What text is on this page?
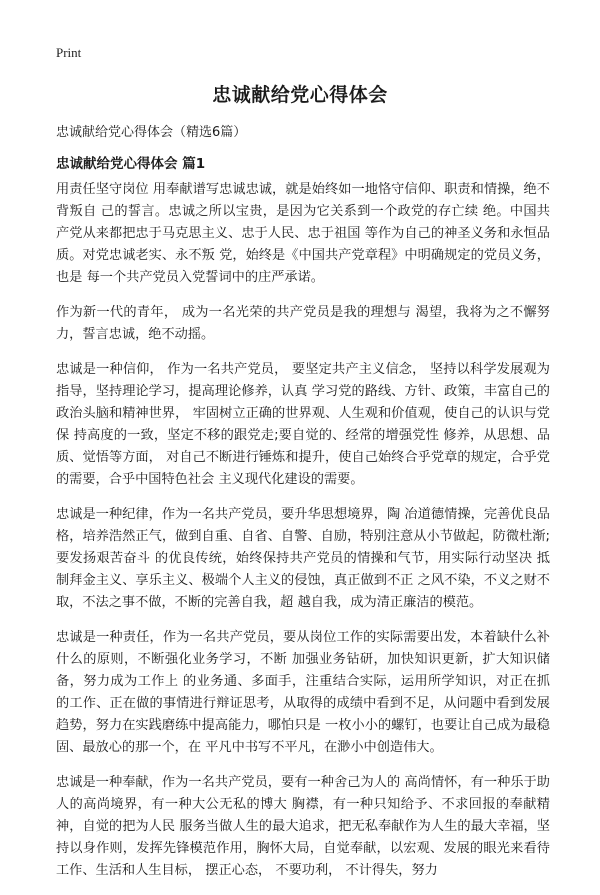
Print
忠诚献给党心得体会
忠诚献给党心得体会（精选6篇）
忠诚献给党心得体会 篇1

用责任坚守岗位 用奉献谱写忠诚忠诚，就是始终如一地恪守信仰、职责和情操，绝不背叛自 己的誓言。忠诚之所以宝贵，是因为它关系到一个政党的存亡续 绝。中国共产党从来都把忠于马克思主义、忠于人民、忠于祖国 等作为自己的神圣义务和永恒品质。对党忠诚老实、永不叛 党，始终是《中国共产党章程》中明确规定的党员义务，也是 每一个共产党员入党誓词中的庄严承诺。

作为新一代的青年， 成为一名光荣的共产党员是我的理想与 渴望，我将为之不懈努力，誓言忠诚，绝不动摇。

忠诚是一种信仰， 作为一名共产党员， 要坚定共产主义信念， 坚持以科学发展观为指导，坚持理论学习，提高理论修养，认真 学习党的路线、方针、政策，丰富自己的政治头脑和精神世界， 牢固树立正确的世界观、人生观和价值观，使自己的认识与党保 持高度的一致，坚定不移的跟党走;要自觉的、经常的增强党性 修养，从思想、品质、觉悟等方面， 对自己不断进行锤炼和提升，使自己始终合乎党章的规定，合乎党的需要，合乎中国特色社会 主义现代化建设的需要。

忠诚是一种纪律，作为一名共产党员，要升华思想境界，陶 冶道德情操，完善优良品格，培养浩然正气，做到自重、自省、自警、自励，特别注意从小节做起，防微杜渐;要发扬艰苦奋斗 的优良传统，始终保持共产党员的情操和气节，用实际行动坚决 抵制拜金主义、享乐主义、极端个人主义的侵蚀，真正做到不正 之风不染，不义之财不取，不法之事不做，不断的完善自我，超 越自我，成为清正廉洁的模范。

忠诚是一种责任，作为一名共产党员，要从岗位工作的实际需要出发，本着缺什么补什么的原则，不断强化业务学习，不断 加强业务钻研，加快知识更新，扩大知识储备，努力成为工作上 的业务通、多面手，注重结合实际，运用所学知识，对正在抓 的工作、正在做的事情进行辩证思考，从取得的成绩中看到不足，从问题中看到发展趋势，努力在实践磨练中提高能力，哪怕只是 一枚小小的螺钉，也要让自己成为最稳固、最放心的那一个，在 平凡中书写不平凡，在渺小中创造伟大。

忠诚是一种奉献，作为一名共产党员，要有一种舍己为人的 高尚情怀，有一种乐于助人的高尚境界，有一种大公无私的博大 胸襟，有一种只知给予、不求回报的奉献精神，自觉的把为人民 服务当做人生的最大追求，把无私奉献作为人生的最大幸福，坚 持以身作则，发挥先锋模范作用，胸怀大局，自觉奉献，以宏观、发展的眼光来看待工作、生活和人生目标， 摆正心态， 不要功利， 不计得失，努力
